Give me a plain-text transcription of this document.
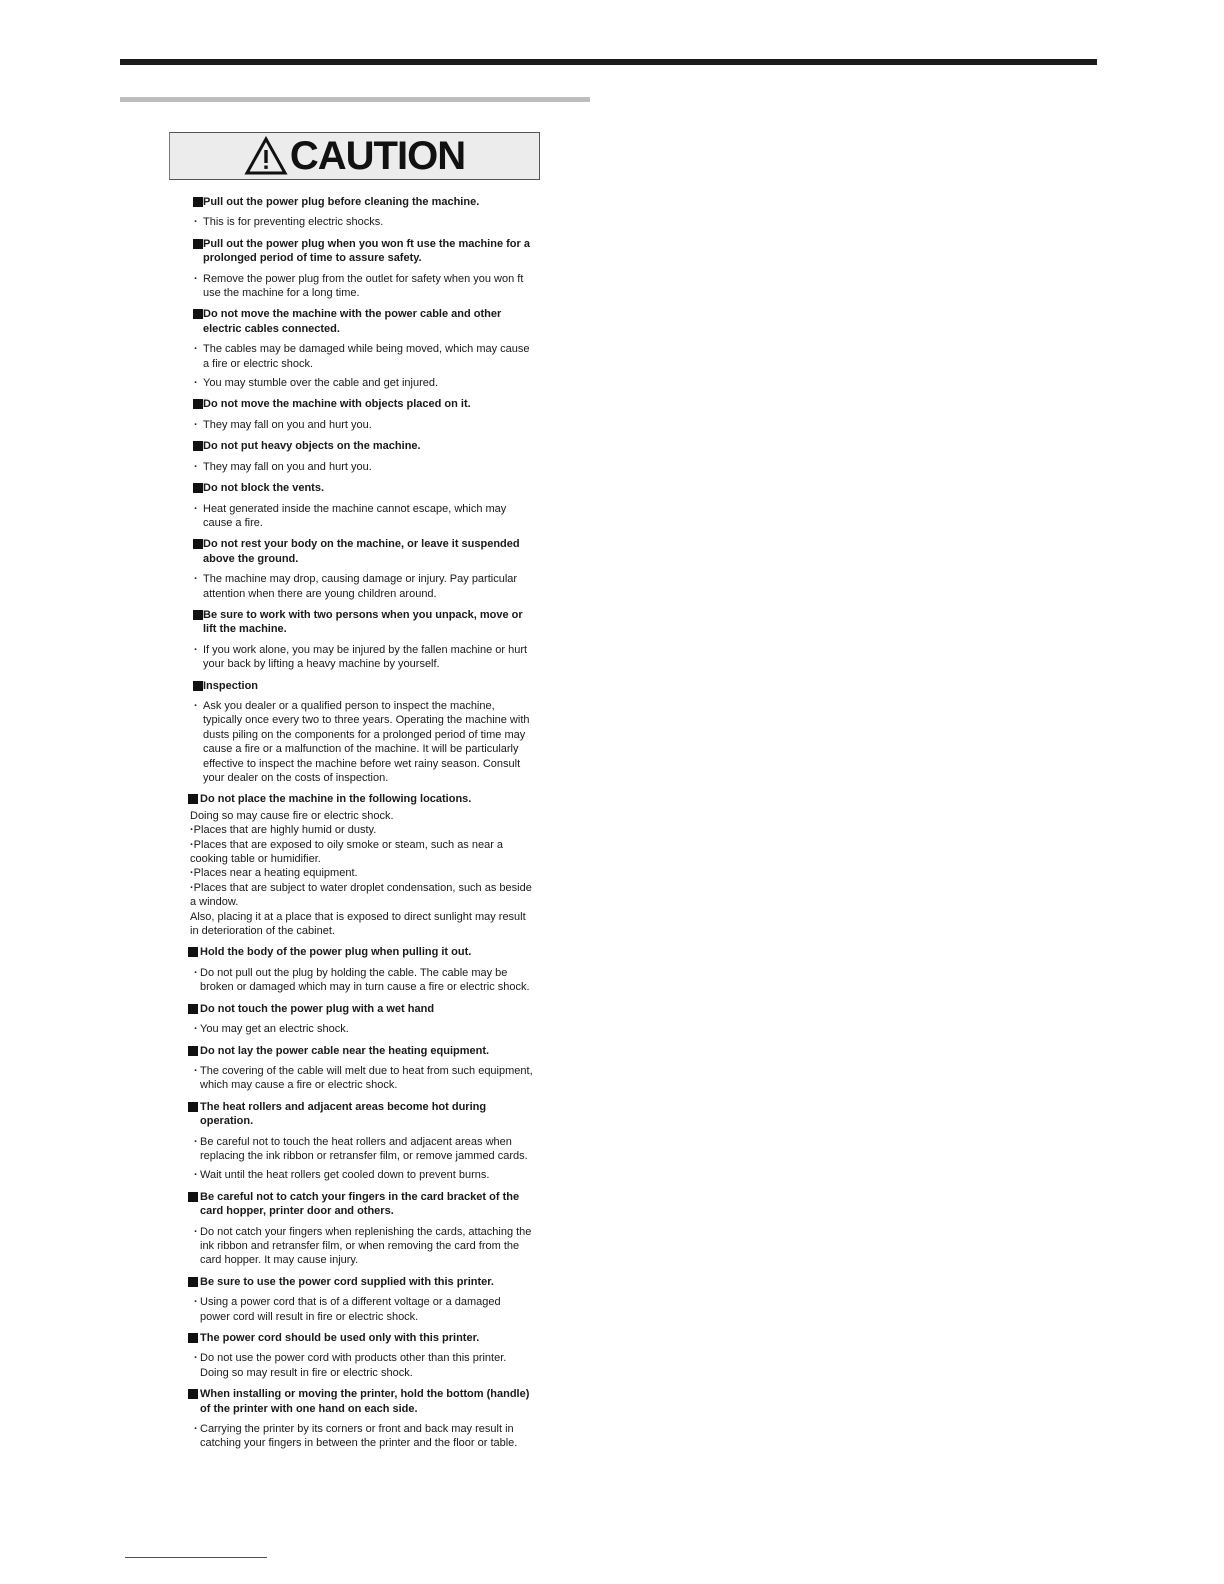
CAUTION
Pull out the power plug before cleaning the machine.
· This is for preventing electric shocks.
Pull out the power plug when you won ft use the machine for a prolonged period of time to assure safety.
· Remove the power plug from the outlet for safety when you won ft use the machine for a long time.
Do not move the machine with the power cable and other electric cables connected.
· The cables may be damaged while being moved, which may cause a fire or electric shock.
· You may stumble over the cable and get injured.
Do not move the machine with objects placed on it.
· They may fall on you and hurt you.
Do not put heavy objects on the machine.
· They may fall on you and hurt you.
Do not block the vents.
· Heat generated inside the machine cannot escape, which may cause a fire.
Do not rest your body on the machine, or leave it suspended above the ground.
· The machine may drop, causing damage or injury. Pay particular attention when there are young children around.
Be sure to work with two persons when you unpack, move or lift the machine.
· If you work alone, you may be injured by the fallen machine or hurt your back by lifting a heavy machine by yourself.
Inspection
· Ask you dealer or a qualified person to inspect the machine, typically once every two to three years. Operating the machine with dusts piling on the components for a prolonged period of time may cause a fire or a malfunction of the machine. It will be particularly effective to inspect the machine before wet rainy season. Consult your dealer on the costs of inspection.
Do not place the machine in the following locations.
Doing so may cause fire or electric shock.
· Places that are highly humid or dusty.
· Places that are exposed to oily smoke or steam, such as near a cooking table or humidifier.
· Places near a heating equipment.
· Places that are subject to water droplet condensation, such as beside a window.
Also, placing it at a place that is exposed to direct sunlight may result in deterioration of the cabinet.
Hold the body of the power plug when pulling it out.
· Do not pull out the plug by holding the cable. The cable may be broken or damaged which may in turn cause a fire or electric shock.
Do not touch the power plug with a wet hand
· You may get an electric shock.
Do not lay the power cable near the heating equipment.
· The covering of the cable will melt due to heat from such equipment, which may cause a fire or electric shock.
The heat rollers and adjacent areas become hot during operation.
· Be careful not to touch the heat rollers and adjacent areas when replacing the ink ribbon or retransfer film, or remove jammed cards.
· Wait until the heat rollers get cooled down to prevent burns.
Be careful not to catch your fingers in the card bracket of the card hopper, printer door and others.
· Do not catch your fingers when replenishing the cards, attaching the ink ribbon and retransfer film, or when removing the card from the card hopper. It may cause injury.
Be sure to use the power cord supplied with this printer.
· Using a power cord that is of a different voltage or a damaged power cord will result in fire or electric shock.
The power cord should be used only with this printer.
· Do not use the power cord with products other than this printer. Doing so may result in fire or electric shock.
When installing or moving the printer, hold the bottom (handle) of the printer with one hand on each side.
· Carrying the printer by its corners or front and back may result in catching your fingers in between the printer and the floor or table.
